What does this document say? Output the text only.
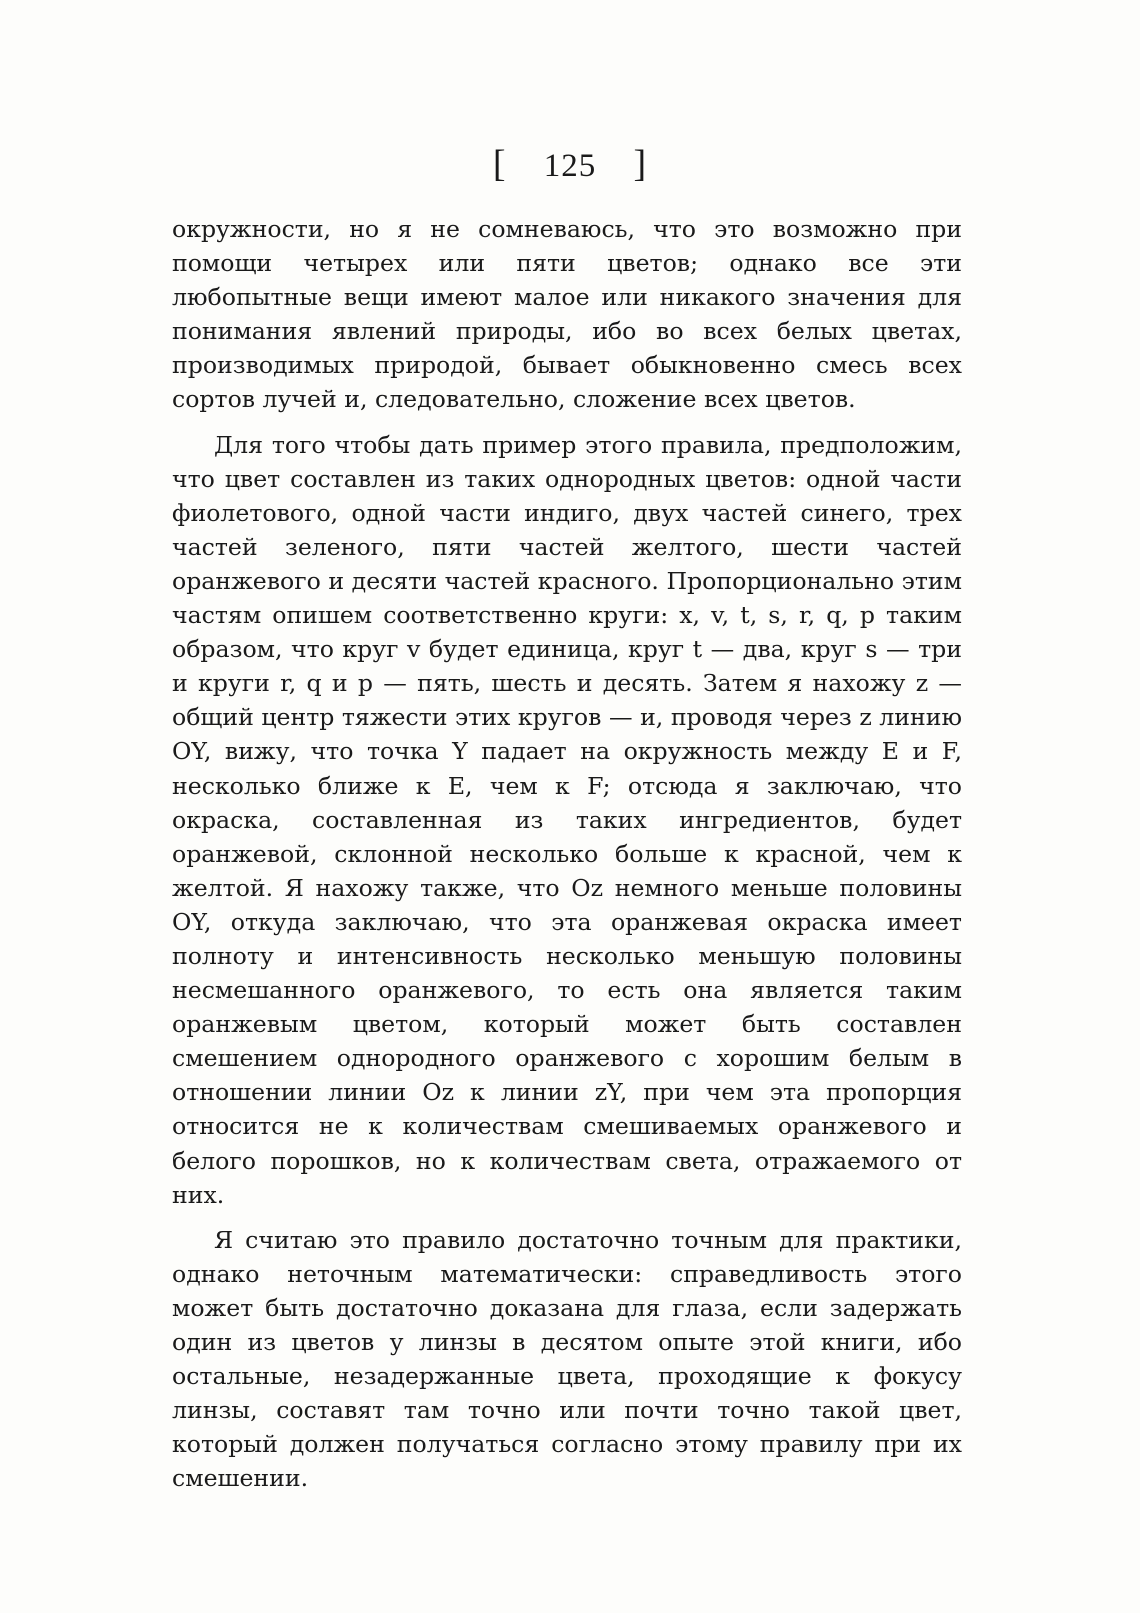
[ 125 ]

окружности, но я не сомневаюсь, что это возможно при помощи четырех или пяти цветов; однако все эти любопытные вещи имеют малое или никакого значения для понимания явлений природы, ибо во всех белых цветах, производимых природой, бывает обыкновенно смесь всех сортов лучей и, следовательно, сложение всех цветов.

Для того чтобы дать пример этого правила, предположим, что цвет составлен из таких однородных цветов: одной части фиолетового, одной части индиго, двух частей синего, трех частей зеленого, пяти частей желтого, шести частей оранжевого и десяти частей красного. Пропорционально этим частям опишем соответственно круги: x, v, t, s, r, q, p таким образом, что круг v будет единица, круг t — два, круг s — три и круги r, q и p — пять, шесть и десять. Затем я нахожу z — общий центр тяжести этих кругов — и, проводя через z линию OY, вижу, что точка Y падает на окружность между E и F, несколько ближе к E, чем к F; отсюда я заключаю, что окраска, составленная из таких ингредиентов, будет оранжевой, склонной несколько больше к красной, чем к желтой. Я нахожу также, что Oz немного меньше половины OY, откуда заключаю, что эта оранжевая окраска имеет полноту и интенсивность несколько меньшую половины несмешанного оранжевого, то есть она является таким оранжевым цветом, который может быть составлен смешением однородного оранжевого с хорошим белым в отношении линии Oz к линии zY, при чем эта пропорция относится не к количествам смешиваемых оранжевого и белого порошков, но к количествам света, отражаемого от них.

Я считаю это правило достаточно точным для практики, однако неточным математически: справедливость этого может быть достаточно доказана для глаза, если задержать один из цветов у линзы в десятом опыте этой книги, ибо остальные, незадержанные цвета, проходящие к фокусу линзы, составят там точно или почти точно такой цвет, который должен получаться согласно этому правилу при их смешении.
